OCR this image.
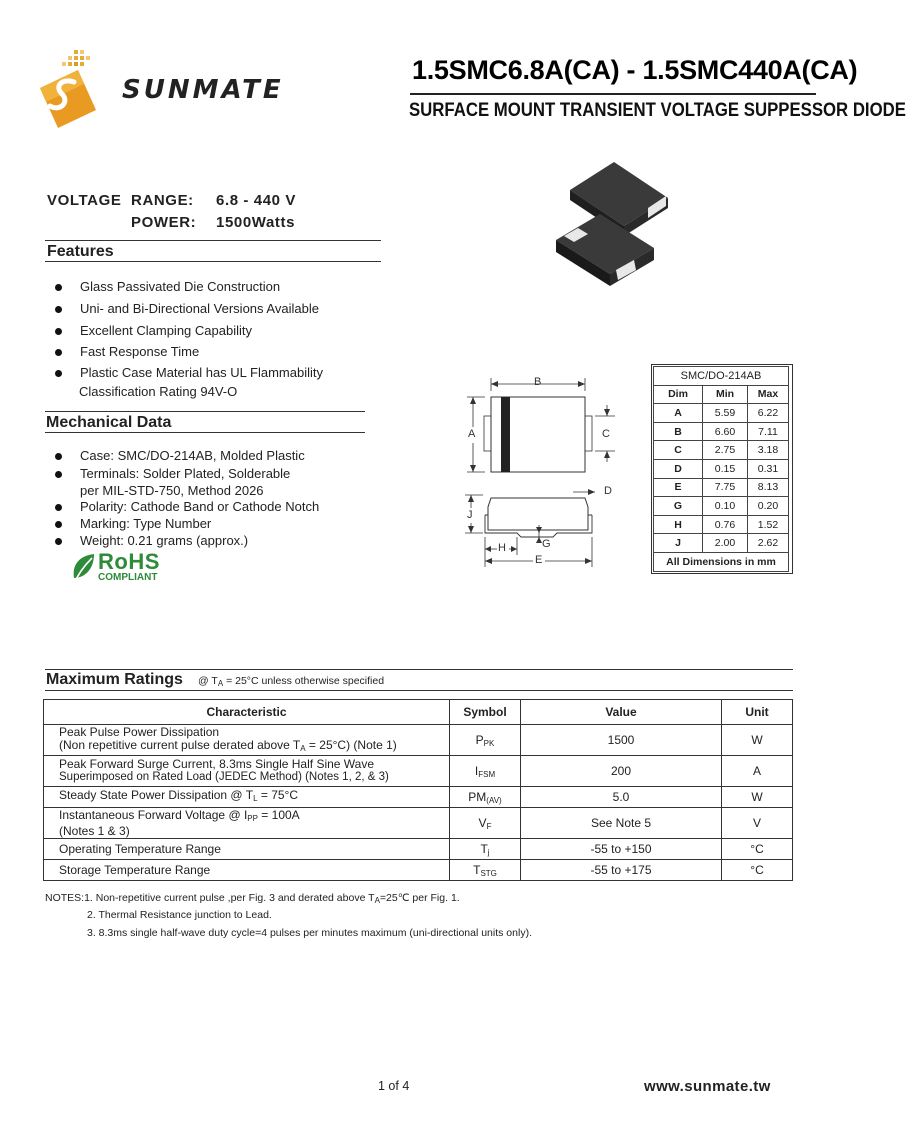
SUNMATE
1.5SMC6.8A(CA) - 1.5SMC440A(CA)
SURFACE MOUNT TRANSIENT VOLTAGE SUPPESSOR DIODE
VOLTAGE  RANGE: 6.8 - 440 V
POWER: 1500Watts
Features
Glass Passivated Die Construction
Uni- and Bi-Directional Versions Available
Excellent Clamping Capability
Fast Response Time
Plastic Case Material has UL Flammability
Classification Rating 94V-O
Mechanical Data
Case: SMC/DO-214AB, Molded Plastic
Terminals: Solder Plated, Solderable
per MIL-STD-750, Method 2026
Polarity: Cathode Band or Cathode Notch
Marking: Type Number
Weight: 0.21 grams (approx.)
RoHS
COMPLIANT
B
A	C
D
J
H	G
E
SMC/DO-214AB		
Dim	Min	Max
A	5.59	6.22
B	6.60	7.11
C	2.75	3.18
D	0.15	0.31
E	7.75	8.13
G	0.10	0.20
H	0.76	1.52
J	2.00	2.62
All Dimensions in mm		
Maximum Ratings @ $T_A = 25^\circ C$ unless otherwise specified
Characteristic	Symbol	Value	Unit

Peak Pulse Power Dissipation
(Non repetitive current pulse derated above $T_A = 25^\circ C$) (Note 1)	$P_{PK}$	1500	W

Peak Forward Surge Current, 8.3ms Single Half Sine Wave
Superimposed on Rated Load (JEDEC Method) (Notes 1, 2, & 3)	$I_{FSM}$	200	A
Steady State Power Dissipation @ $T_L = 75^\circ C$	$PM_{(AV)}$	5.0	W

Instantaneous Forward Voltage @ $I_{PP} = 100A$
(Notes 1 & 3)	$V_F$	See Note 5	V
Operating Temperature Range	$T_j$	-55 to +150	°C
Storage Temperature Range	$T_{STG}$	-55 to +175	°C
NOTES:1. Non-repetitive current pulse ,per Fig. 3 and derated above $T_A=25℃$ per Fig. 1.
2. Thermal Resistance junction to Lead.
3. 8.3ms single half-wave duty cycle=4 pulses per minutes maximum (uni-directional units only).
1 of 4	www.sunmate.tw
